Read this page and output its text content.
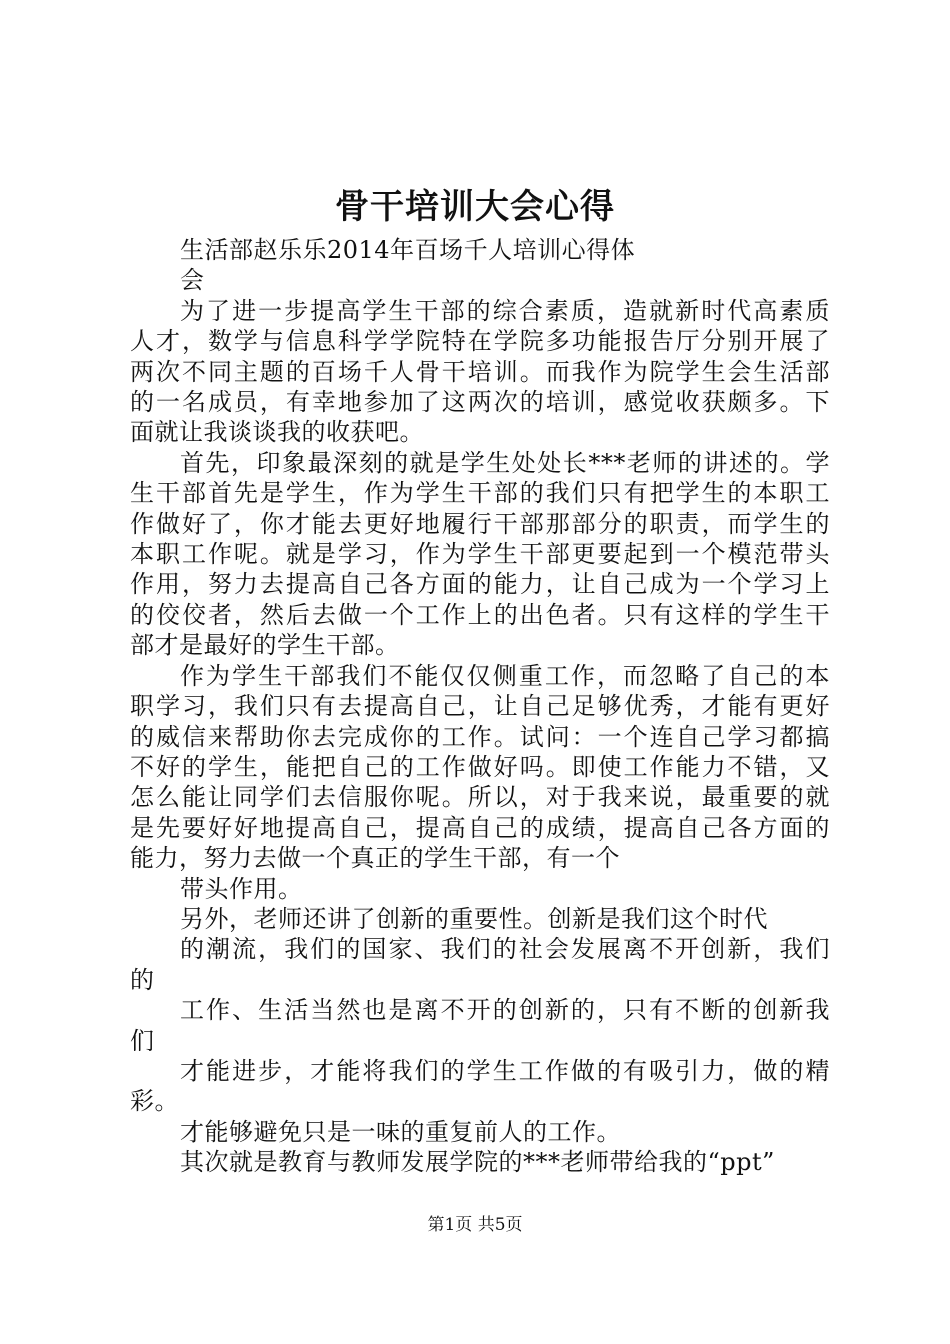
骨干培训大会心得

生活部赵乐乐2014年百场千人培训心得体

会

为了进一步提高学生干部的综合素质，造就新时代高素质

人才，数学与信息科学学院特在学院多功能报告厅分别开展了

两次不同主题的百场千人骨干培训。而我作为院学生会生活部

的一名成员，有幸地参加了这两次的培训，感觉收获颇多。下

面就让我谈谈我的收获吧。

首先，印象最深刻的就是学生处处长***老师的讲述的。学

生干部首先是学生，作为学生干部的我们只有把学生的本职工

作做好了，你才能去更好地履行干部那部分的职责，而学生的

本职工作呢。就是学习，作为学生干部更要起到一个模范带头

作用，努力去提高自己各方面的能力，让自己成为一个学习上

的佼佼者，然后去做一个工作上的出色者。只有这样的学生干

部才是最好的学生干部。

作为学生干部我们不能仅仅侧重工作，而忽略了自己的本

职学习，我们只有去提高自己，让自己足够优秀，才能有更好

的威信来帮助你去完成你的工作。试问：一个连自己学习都搞

不好的学生，能把自己的工作做好吗。即使工作能力不错，又

怎么能让同学们去信服你呢。所以，对于我来说，最重要的就

是先要好好地提高自己，提高自己的成绩，提高自己各方面的

能力，努力去做一个真正的学生干部，有一个

带头作用。

另外，老师还讲了创新的重要性。创新是我们这个时代

的潮流，我们的国家、我们的社会发展离不开创新，我们

的

工作、生活当然也是离不开的创新的，只有不断的创新我

们

才能进步，才能将我们的学生工作做的有吸引力，做的精

彩。

才能够避免只是一味的重复前人的工作。

其次就是教育与教师发展学院的***老师带给我的“ppt”

第1页 共5页
